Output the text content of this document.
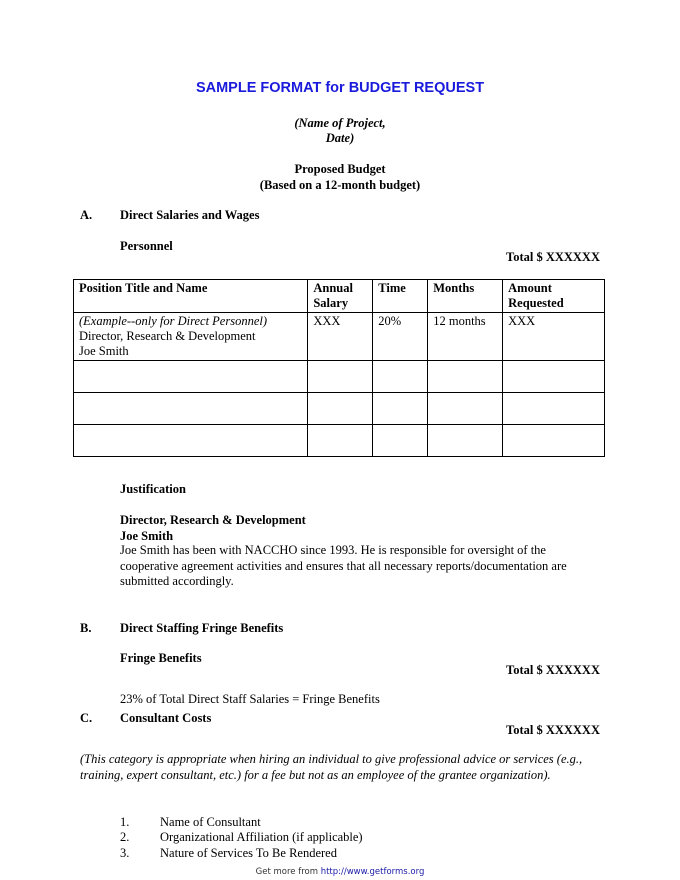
SAMPLE FORMAT for BUDGET REQUEST
(Name of Project,
Date)
Proposed Budget
(Based on a 12-month budget)
A. Direct Salaries and Wages
Personnel
Total $ XXXXXX
Position Title and Name	Annual Salary	Time	Months	Amount Requested

(Example--only for Direct Personnel)
Director, Research & Development
Joe Smith	XXX	20%	12 months	XXX

Justification
Director, Research & Development
Joe Smith
Joe Smith has been with NACCHO since 1993. He is responsible for oversight of the cooperative agreement activities and ensures that all necessary reports/documentation are submitted accordingly.
B. Direct Staffing Fringe Benefits
Fringe Benefits
Total $ XXXXXX
23% of Total Direct Staff Salaries = Fringe Benefits
C. Consultant Costs
Total $ XXXXXX
(This category is appropriate when hiring an individual to give professional advice or services (e.g., training, expert consultant, etc.) for a fee but not as an employee of the grantee organization).
1. Name of Consultant
2. Organizational Affiliation (if applicable)
3. Nature of Services To Be Rendered
Get more from http://www.getforms.org
